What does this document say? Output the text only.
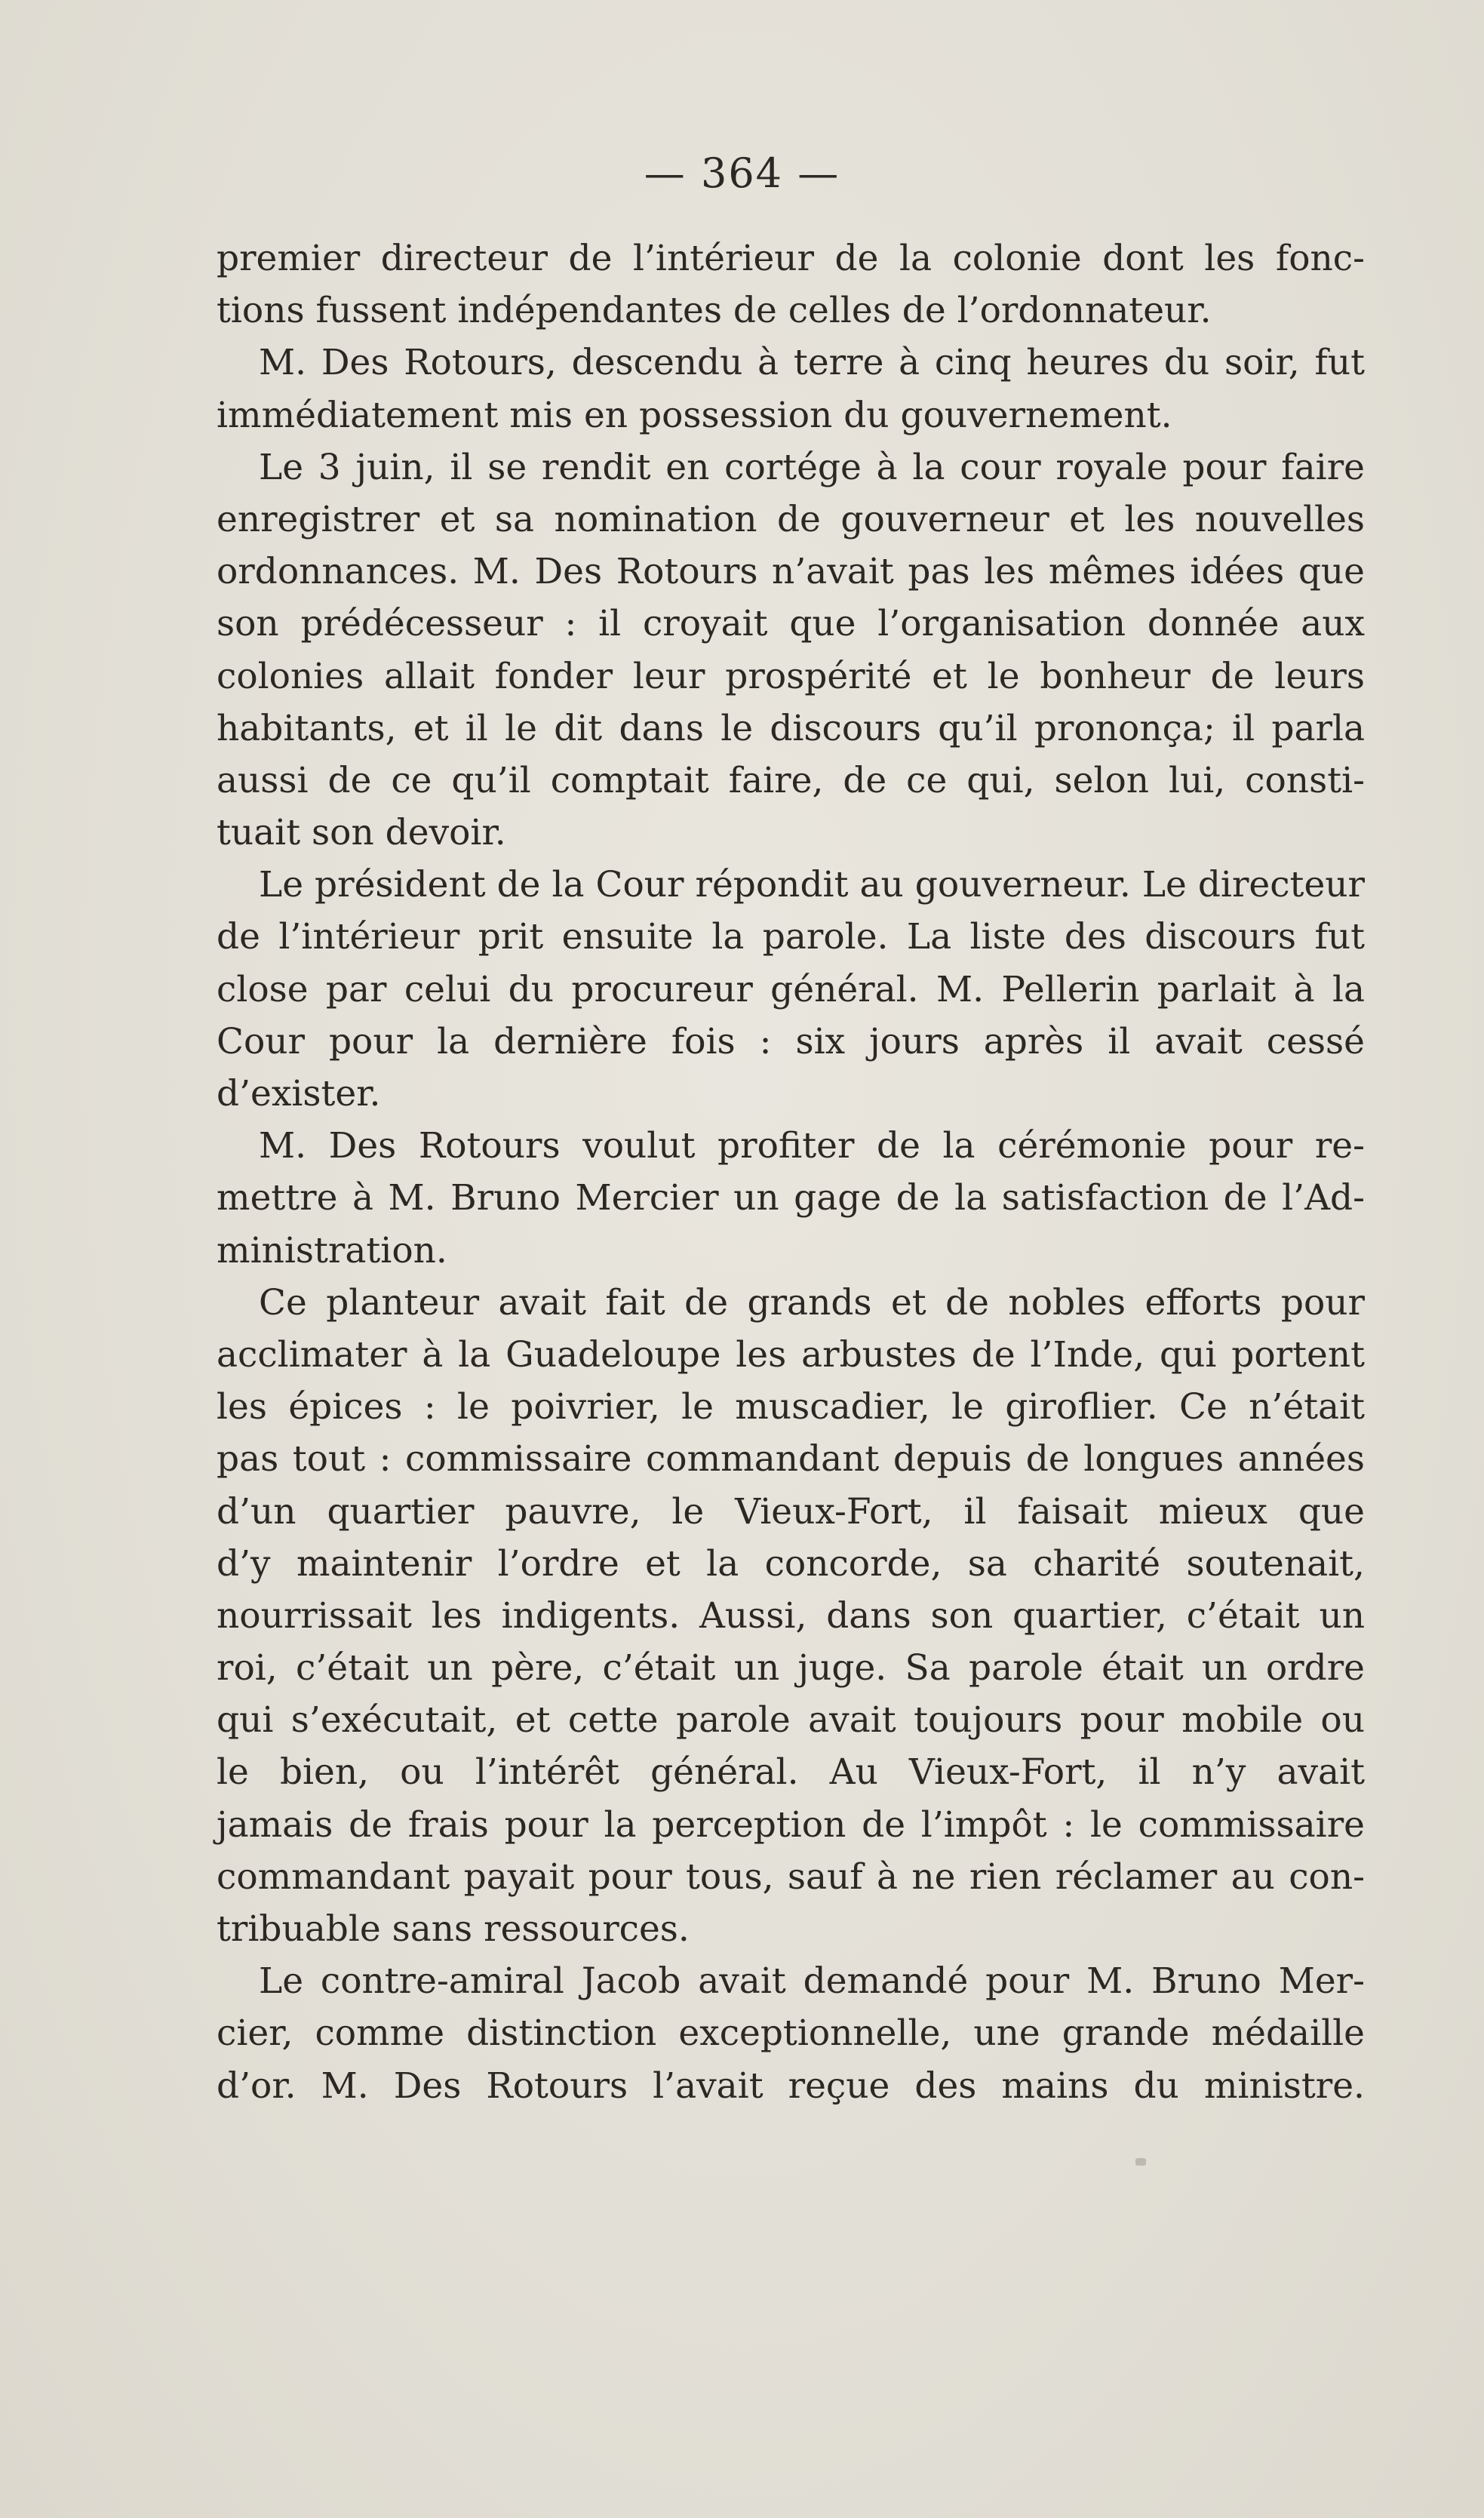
— 364 —
premier directeur de l’intérieur de la colonie dont les fonc-
tions fussent indépendantes de celles de l’ordonnateur.
M. Des Rotours, descendu à terre à cinq heures du soir, fut
immédiatement mis en possession du gouvernement.
Le 3 juin, il se rendit en cortége à la cour royale pour faire
enregistrer et sa nomination de gouverneur et les nouvelles
ordonnances. M. Des Rotours n’avait pas les mêmes idées que
son prédécesseur : il croyait que l’organisation donnée aux
colonies allait fonder leur prospérité et le bonheur de leurs
habitants, et il le dit dans le discours qu’il prononça; il parla
aussi de ce qu’il comptait faire, de ce qui, selon lui, consti-
tuait son devoir.
Le président de la Cour répondit au gouverneur. Le directeur
de l’intérieur prit ensuite la parole. La liste des discours fut
close par celui du procureur général. M. Pellerin parlait à la
Cour pour la dernière fois : six jours après il avait cessé
d’exister.
M. Des Rotours voulut profiter de la cérémonie pour re-
mettre à M. Bruno Mercier un gage de la satisfaction de l’Ad-
ministration.
Ce planteur avait fait de grands et de nobles efforts pour
acclimater à la Guadeloupe les arbustes de l’Inde, qui portent
les épices : le poivrier, le muscadier, le giroflier. Ce n’était
pas tout : commissaire commandant depuis de longues années
d’un quartier pauvre, le Vieux-Fort, il faisait mieux que
d’y maintenir l’ordre et la concorde, sa charité soutenait,
nourrissait les indigents. Aussi, dans son quartier, c’était un
roi, c’était un père, c’était un juge. Sa parole était un ordre
qui s’exécutait, et cette parole avait toujours pour mobile ou
le bien, ou l’intérêt général. Au Vieux-Fort, il n’y avait
jamais de frais pour la perception de l’impôt : le commissaire
commandant payait pour tous, sauf à ne rien réclamer au con-
tribuable sans ressources.
Le contre-amiral Jacob avait demandé pour M. Bruno Mer-
cier, comme distinction exceptionnelle, une grande médaille
d’or. M. Des Rotours l’avait reçue des mains du ministre.
